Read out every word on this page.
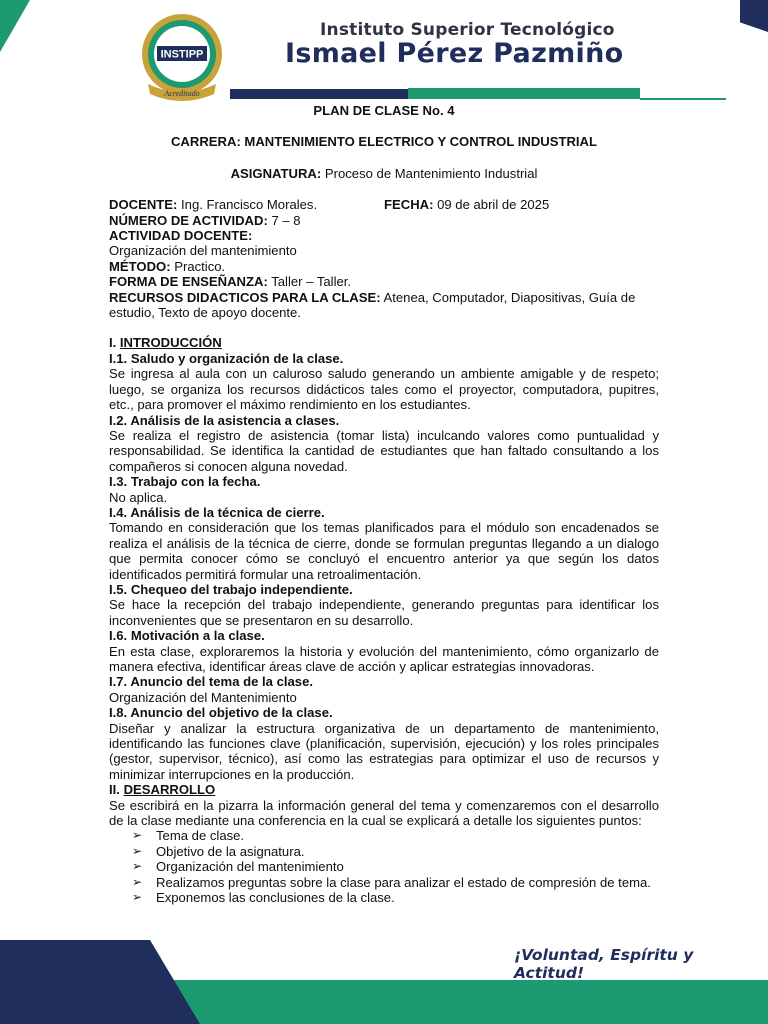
INSTIPP
Acreditado
Instituto Superior Tecnológico
Ismael Pérez Pazmiño
PLAN DE CLASE No. 4
CARRERA: MANTENIMIENTO ELECTRICO Y CONTROL INDUSTRIAL
ASIGNATURA: Proceso de Mantenimiento Industrial
DOCENTE: Ing. Francisco Morales.	FECHA: 09 de abril de 2025
NÚMERO DE ACTIVIDAD: 7 – 8
ACTIVIDAD DOCENTE:
Organización del mantenimiento
MÉTODO: Practico.
FORMA DE ENSEÑANZA: Taller – Taller.
RECURSOS DIDACTICOS PARA LA CLASE: Atenea, Computador, Diapositivas, Guía de estudio, Texto de apoyo docente.
I. INTRODUCCIÓN
I.1. Saludo y organización de la clase.
Se ingresa al aula con un caluroso saludo generando un ambiente amigable y de respeto; luego, se organiza los recursos didácticos tales como el proyector, computadora, pupitres, etc., para promover el máximo rendimiento en los estudiantes.
I.2. Análisis de la asistencia a clases.
Se realiza el registro de asistencia (tomar lista) inculcando valores como puntualidad y responsabilidad. Se identifica la cantidad de estudiantes que han faltado consultando a los compañeros si conocen alguna novedad.
I.3. Trabajo con la fecha.
No aplica.
I.4. Análisis de la técnica de cierre.
Tomando en consideración que los temas planificados para el módulo son encadenados se realiza el análisis de la técnica de cierre, donde se formulan preguntas llegando a un dialogo que permita conocer cómo se concluyó el encuentro anterior ya que según los datos identificados permitirá formular una retroalimentación.
I.5. Chequeo del trabajo independiente.
Se hace la recepción del trabajo independiente, generando preguntas para identificar los inconvenientes que se presentaron en su desarrollo.
I.6. Motivación a la clase.
En esta clase, exploraremos la historia y evolución del mantenimiento, cómo organizarlo de manera efectiva, identificar áreas clave de acción y aplicar estrategias innovadoras.
I.7. Anuncio del tema de la clase.
Organización del Mantenimiento
I.8. Anuncio del objetivo de la clase.
Diseñar y analizar la estructura organizativa de un departamento de mantenimiento, identificando las funciones clave (planificación, supervisión, ejecución) y los roles principales (gestor, supervisor, técnico), así como las estrategias para optimizar el uso de recursos y minimizar interrupciones en la producción.
II. DESARROLLO
Se escribirá en la pizarra la información general del tema y comenzaremos con el desarrollo de la clase mediante una conferencia en la cual se explicará a detalle los siguientes puntos:
➢ Tema de clase.
➢ Objetivo de la asignatura.
➢ Organización del mantenimiento
➢ Realizamos preguntas sobre la clase para analizar el estado de compresión de tema.
➢ Exponemos las conclusiones de la clase.
¡Voluntad, Espíritu y Actitud!
